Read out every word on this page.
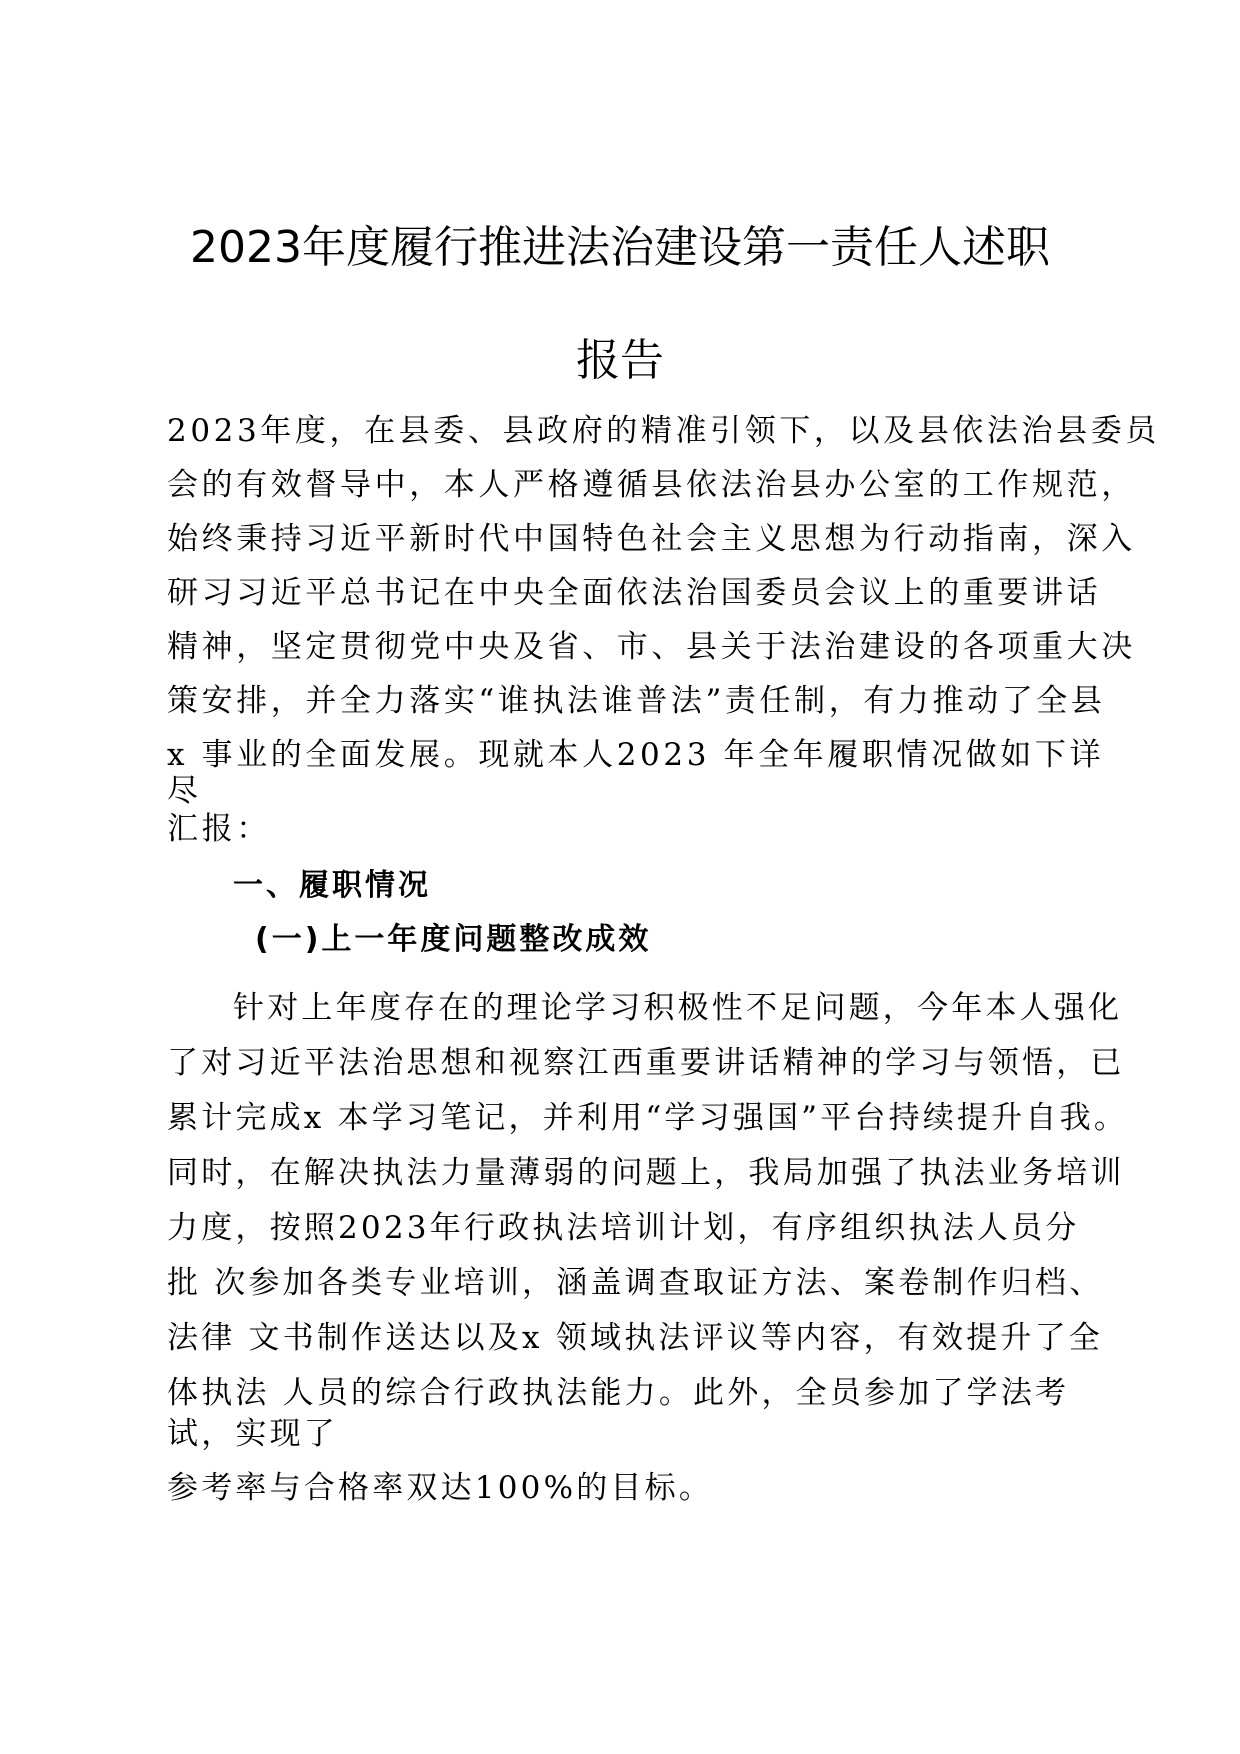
2023年度履行推进法治建设第一责任人述职
报告
2023年度，在县委、县政府的精准引领下，以及县依法治县委员
会的有效督导中，本人严格遵循县依法治县办公室的工作规范，
始终秉持习近平新时代中国特色社会主义思想为行动指南，深入
研习习近平总书记在中央全面依法治国委员会议上的重要讲话
精神，坚定贯彻党中央及省、市、县关于法治建设的各项重大决
策安排，并全力落实“谁执法谁普法”责任制，有力推动了全县
x 事业的全面发展。现就本人2023 年全年履职情况做如下详
尽
汇报：
一、履职情况
(一)上一年度问题整改成效
针对上年度存在的理论学习积极性不足问题，今年本人强化
了对习近平法治思想和视察江西重要讲话精神的学习与领悟，已
累计完成x 本学习笔记，并利用“学习强国”平台持续提升自我。
同时，在解决执法力量薄弱的问题上，我局加强了执法业务培训
力度，按照2023年行政执法培训计划，有序组织执法人员分
批 次参加各类专业培训，涵盖调查取证方法、案卷制作归档、
法律 文书制作送达以及x 领域执法评议等内容，有效提升了全
体执法 人员的综合行政执法能力。此外，全员参加了学法考
试，实现了
参考率与合格率双达100%的目标。
